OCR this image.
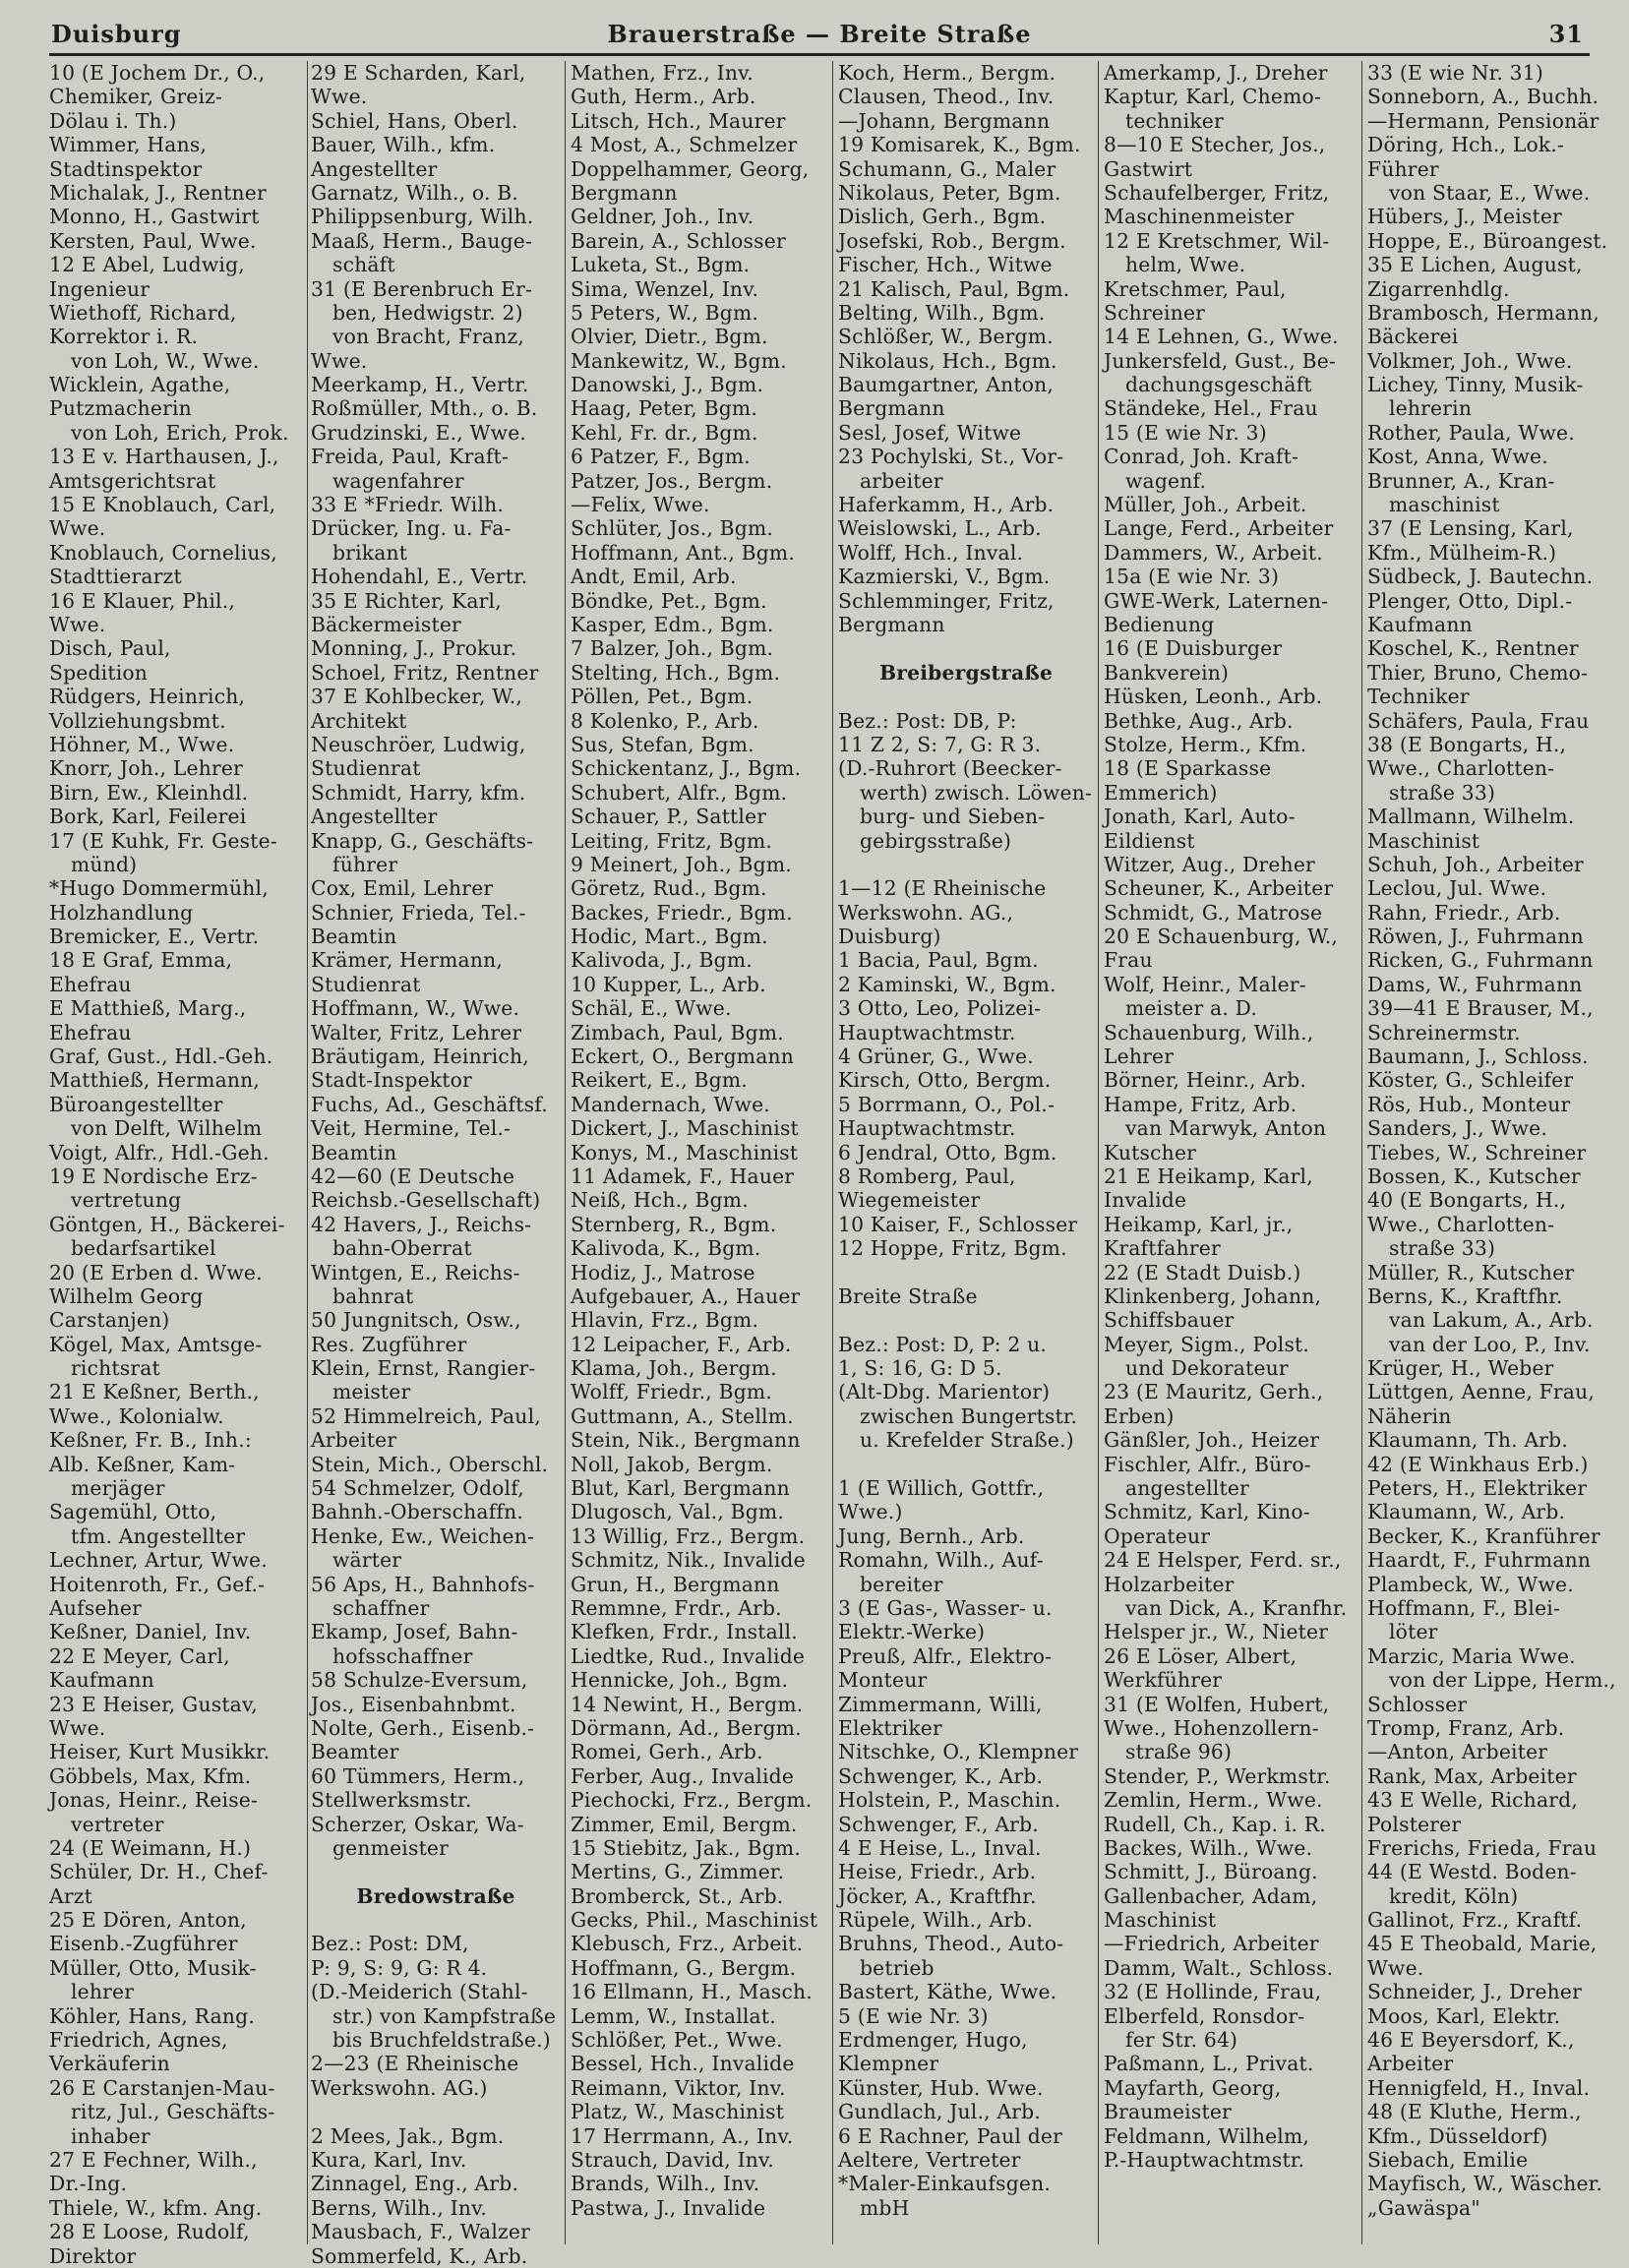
Duisburg	Brauerstraße — Breite Straße	31
10 (E Jochem Dr., O.,
Chemiker, Greiz-
Dölau i. Th.)
Wimmer, Hans,
Stadtinspektor
Michalak, J., Rentner
Monno, H., Gastwirt
Kersten, Paul, Wwe.
12 E Abel, Ludwig,
Ingenieur
Wiethoff, Richard,
Korrektor i. R.
von Loh, W., Wwe.
Wicklein, Agathe,
Putzmacherin
von Loh, Erich, Prok.
13 E v. Harthausen, J.,
Amtsgerichtsrat
15 E Knoblauch, Carl,
Wwe.
Knoblauch, Cornelius,
Stadttierarzt
16 E Klauer, Phil.,
Wwe.
Disch, Paul,
Spedition
Rüdgers, Heinrich,
Vollziehungsbmt.
Höhner, M., Wwe.
Knorr, Joh., Lehrer
Birn, Ew., Kleinhdl.
Bork, Karl, Feilerei
17 (E Kuhk, Fr. Geste-
münd)
*Hugo Dommermühl,
Holzhandlung
Bremicker, E., Vertr.
18 E Graf, Emma,
Ehefrau
E Matthieß, Marg.,
Ehefrau
Graf, Gust., Hdl.-Geh.
Matthieß, Hermann,
Büroangestellter
von Delft, Wilhelm
Voigt, Alfr., Hdl.-Geh.
19 E Nordische Erz-
vertretung
Göntgen, H., Bäckerei-
bedarfsartikel
20 (E Erben d. Wwe.
Wilhelm Georg
Carstanjen)
Kögel, Max, Amtsge-
richtsrat
21 E Keßner, Berth.,
Wwe., Kolonialw.
Keßner, Fr. B., Inh.:
Alb. Keßner, Kam-
merjäger
Sagemühl, Otto,
tfm. Angestellter
Lechner, Artur, Wwe.
Hoitenroth, Fr., Gef.-
Aufseher
Keßner, Daniel, Inv.
22 E Meyer, Carl,
Kaufmann
23 E Heiser, Gustav,
Wwe.
Heiser, Kurt Musikkr.
Göbbels, Max, Kfm.
Jonas, Heinr., Reise-
vertreter
24 (E Weimann, H.)
Schüler, Dr. H., Chef-
Arzt
25 E Dören, Anton,
Eisenb.-Zugführer
Müller, Otto, Musik-
lehrer
Köhler, Hans, Rang.
Friedrich, Agnes,
Verkäuferin
26 E Carstanjen-Mau-
ritz, Jul., Geschäfts-
inhaber
27 E Fechner, Wilh.,
Dr.-Ing.
Thiele, W., kfm. Ang.
28 E Loose, Rudolf,
Direktor
29 E Scharden, Karl,
Wwe.
Schiel, Hans, Oberl.
Bauer, Wilh., kfm.
Angestellter
Garnatz, Wilh., o. B.
Philippsenburg, Wilh.
Maaß, Herm., Bauge-
schäft
31 (E Berenbruch Er-
ben, Hedwigstr. 2)
von Bracht, Franz,
Wwe.
Meerkamp, H., Vertr.
Roßmüller, Mth., o. B.
Grudzinski, E., Wwe.
Freida, Paul, Kraft-
wagenfahrer
33 E *Friedr. Wilh.
Drücker, Ing. u. Fa-
brikant
Hohendahl, E., Vertr.
35 E Richter, Karl,
Bäckermeister
Monning, J., Prokur.
Schoel, Fritz, Rentner
37 E Kohlbecker, W.,
Architekt
Neuschröer, Ludwig,
Studienrat
Schmidt, Harry, kfm.
Angestellter
Knapp, G., Geschäfts-
führer
Cox, Emil, Lehrer
Schnier, Frieda, Tel.-
Beamtin
Krämer, Hermann,
Studienrat
Hoffmann, W., Wwe.
Walter, Fritz, Lehrer
Bräutigam, Heinrich,
Stadt-Inspektor
Fuchs, Ad., Geschäftsf.
Veit, Hermine, Tel.-
Beamtin
42—60 (E Deutsche
Reichsb.-Gesellschaft)
42 Havers, J., Reichs-
bahn-Oberrat
Wintgen, E., Reichs-
bahnrat
50 Jungnitsch, Osw.,
Res. Zugführer
Klein, Ernst, Rangier-
meister
52 Himmelreich, Paul,
Arbeiter
Stein, Mich., Oberschl.
54 Schmelzer, Odolf,
Bahnh.-Oberschaffn.
Henke, Ew., Weichen-
wärter
56 Aps, H., Bahnhofs-
schaffner
Ekamp, Josef, Bahn-
hofsschaffner
58 Schulze-Eversum,
Jos., Eisenbahnbmt.
Nolte, Gerh., Eisenb.-
Beamter
60 Tümmers, Herm.,
Stellwerksmstr.
Scherzer, Oskar, Wa-
genmeister
Bredowstraße
Bez.: Post: DM,
P: 9, S: 9, G: R 4.
(D.-Meiderich (Stahl-
str.) von Kampfstraße
bis Bruchfeldstraße.)
2—23 (E Rheinische
Werkswohn. AG.)
2 Mees, Jak., Bgm.
Kura, Karl, Inv.
Zinnagel, Eng., Arb.
Berns, Wilh., Inv.
Mausbach, F., Walzer
Sommerfeld, K., Arb.
Mathen, Frz., Inv.
Guth, Herm., Arb.
Litsch, Hch., Maurer
4 Most, A., Schmelzer
Doppelhammer, Georg,
Bergmann
Geldner, Joh., Inv.
Barein, A., Schlosser
Luketa, St., Bgm.
Sima, Wenzel, Inv.
5 Peters, W., Bgm.
Olvier, Dietr., Bgm.
Mankewitz, W., Bgm.
Danowski, J., Bgm.
Haag, Peter, Bgm.
Kehl, Fr. dr., Bgm.
6 Patzer, F., Bgm.
Patzer, Jos., Bergm.
—Felix, Wwe.
Schlüter, Jos., Bgm.
Hoffmann, Ant., Bgm.
Andt, Emil, Arb.
Böndke, Pet., Bgm.
Kasper, Edm., Bgm.
7 Balzer, Joh., Bgm.
Stelting, Hch., Bgm.
Pöllen, Pet., Bgm.
8 Kolenko, P., Arb.
Sus, Stefan, Bgm.
Schickentanz, J., Bgm.
Schubert, Alfr., Bgm.
Schauer, P., Sattler
Leiting, Fritz, Bgm.
9 Meinert, Joh., Bgm.
Göretz, Rud., Bgm.
Backes, Friedr., Bgm.
Hodic, Mart., Bgm.
Kalivoda, J., Bgm.
10 Kupper, L., Arb.
Schäl, E., Wwe.
Zimbach, Paul, Bgm.
Eckert, O., Bergmann
Reikert, E., Bgm.
Mandernach, Wwe.
Dickert, J., Maschinist
Konys, M., Maschinist
11 Adamek, F., Hauer
Neiß, Hch., Bgm.
Sternberg, R., Bgm.
Kalivoda, K., Bgm.
Hodiz, J., Matrose
Aufgebauer, A., Hauer
Hlavin, Frz., Bgm.
12 Leipacher, F., Arb.
Klama, Joh., Bergm.
Wolff, Friedr., Bgm.
Guttmann, A., Stellm.
Stein, Nik., Bergmann
Noll, Jakob, Bergm.
Blut, Karl, Bergmann
Dlugosch, Val., Bgm.
13 Willig, Frz., Bergm.
Schmitz, Nik., Invalide
Grun, H., Bergmann
Remmne, Frdr., Arb.
Klefken, Frdr., Install.
Liedtke, Rud., Invalide
Hennicke, Joh., Bgm.
14 Newint, H., Bergm.
Dörmann, Ad., Bergm.
Romei, Gerh., Arb.
Ferber, Aug., Invalide
Piechocki, Frz., Bergm.
Zimmer, Emil, Bergm.
15 Stiebitz, Jak., Bgm.
Mertins, G., Zimmer.
Bromberck, St., Arb.
Gecks, Phil., Maschinist
Klebusch, Frz., Arbeit.
Hoffmann, G., Bergm.
16 Ellmann, H., Masch.
Lemm, W., Installat.
Schlößer, Pet., Wwe.
Bessel, Hch., Invalide
Reimann, Viktor, Inv.
Platz, W., Maschinist
17 Herrmann, A., Inv.
Strauch, David, Inv.
Brands, Wilh., Inv.
Pastwa, J., Invalide
Koch, Herm., Bergm.
Clausen, Theod., Inv.
—Johann, Bergmann
19 Komisarek, K., Bgm.
Schumann, G., Maler
Nikolaus, Peter, Bgm.
Dislich, Gerh., Bgm.
Josefski, Rob., Bergm.
Fischer, Hch., Witwe
21 Kalisch, Paul, Bgm.
Belting, Wilh., Bgm.
Schlößer, W., Bergm.
Nikolaus, Hch., Bgm.
Baumgartner, Anton,
Bergmann
Sesl, Josef, Witwe
23 Pochylski, St., Vor-
arbeiter
Haferkamm, H., Arb.
Weislowski, L., Arb.
Wolff, Hch., Inval.
Kazmierski, V., Bgm.
Schlemminger, Fritz,
Bergmann
Breibergstraße
Bez.: Post: DB, P:
11 Z 2, S: 7, G: R 3.
(D.-Ruhrort (Beecker-
werth) zwisch. Löwen-
burg- und Sieben-
gebirgsstraße)
1—12 (E Rheinische
Werkswohn. AG.,
Duisburg)
1 Bacia, Paul, Bgm.
2 Kaminski, W., Bgm.
3 Otto, Leo, Polizei-
Hauptwachtmstr.
4 Grüner, G., Wwe.
Kirsch, Otto, Bergm.
5 Borrmann, O., Pol.-
Hauptwachtmstr.
6 Jendral, Otto, Bgm.
8 Romberg, Paul,
Wiegemeister
10 Kaiser, F., Schlosser
12 Hoppe, Fritz, Bgm.
Breite Straße
Bez.: Post: D, P: 2 u.
1, S: 16, G: D 5.
(Alt-Dbg. Marientor)
zwischen Bungertstr.
u. Krefelder Straße.)
1 (E Willich, Gottfr.,
Wwe.)
Jung, Bernh., Arb.
Romahn, Wilh., Auf-
bereiter
3 (E Gas-, Wasser- u.
Elektr.-Werke)
Preuß, Alfr., Elektro-
Monteur
Zimmermann, Willi,
Elektriker
Nitschke, O., Klempner
Schwenger, K., Arb.
Holstein, P., Maschin.
Schwenger, F., Arb.
4 E Heise, L., Inval.
Heise, Friedr., Arb.
Jöcker, A., Kraftfhr.
Rüpele, Wilh., Arb.
Bruhns, Theod., Auto-
betrieb
Bastert, Käthe, Wwe.
5 (E wie Nr. 3)
Erdmenger, Hugo,
Klempner
Künster, Hub. Wwe.
Gundlach, Jul., Arb.
6 E Rachner, Paul der
Aeltere, Vertreter
*Maler-Einkaufsgen.
mbH
Amerkamp, J., Dreher
Kaptur, Karl, Chemo-
techniker
8—10 E Stecher, Jos.,
Gastwirt
Schaufelberger, Fritz,
Maschinenmeister
12 E Kretschmer, Wil-
helm, Wwe.
Kretschmer, Paul,
Schreiner
14 E Lehnen, G., Wwe.
Junkersfeld, Gust., Be-
dachungsgeschäft
Ständeke, Hel., Frau
15 (E wie Nr. 3)
Conrad, Joh. Kraft-
wagenf.
Müller, Joh., Arbeit.
Lange, Ferd., Arbeiter
Dammers, W., Arbeit.
15a (E wie Nr. 3)
GWE-Werk, Laternen-
Bedienung
16 (E Duisburger
Bankverein)
Hüsken, Leonh., Arb.
Bethke, Aug., Arb.
Stolze, Herm., Kfm.
18 (E Sparkasse
Emmerich)
Jonath, Karl, Auto-
Eildienst
Witzer, Aug., Dreher
Scheuner, K., Arbeiter
Schmidt, G., Matrose
20 E Schauenburg, W.,
Frau
Wolf, Heinr., Maler-
meister a. D.
Schauenburg, Wilh.,
Lehrer
Börner, Heinr., Arb.
Hampe, Fritz, Arb.
van Marwyk, Anton
Kutscher
21 E Heikamp, Karl,
Invalide
Heikamp, Karl, jr.,
Kraftfahrer
22 (E Stadt Duisb.)
Klinkenberg, Johann,
Schiffsbauer
Meyer, Sigm., Polst.
und Dekorateur
23 (E Mauritz, Gerh.,
Erben)
Gänßler, Joh., Heizer
Fischler, Alfr., Büro-
angestellter
Schmitz, Karl, Kino-
Operateur
24 E Helsper, Ferd. sr.,
Holzarbeiter
van Dick, A., Kranfhr.
Helsper jr., W., Nieter
26 E Löser, Albert,
Werkführer
31 (E Wolfen, Hubert,
Wwe., Hohenzollern-
straße 96)
Stender, P., Werkmstr.
Zemlin, Herm., Wwe.
Rudell, Ch., Kap. i. R.
Backes, Wilh., Wwe.
Schmitt, J., Büroang.
Gallenbacher, Adam,
Maschinist
—Friedrich, Arbeiter
Damm, Walt., Schloss.
32 (E Hollinde, Frau,
Elberfeld, Ronsdor-
fer Str. 64)
Paßmann, L., Privat.
Mayfarth, Georg,
Braumeister
Feldmann, Wilhelm,
P.-Hauptwachtmstr.
33 (E wie Nr. 31)
Sonneborn, A., Buchh.
—Hermann, Pensionär
Döring, Hch., Lok.-
Führer
von Staar, E., Wwe.
Hübers, J., Meister
Hoppe, E., Büroangest.
35 E Lichen, August,
Zigarrenhdlg.
Brambosch, Hermann,
Bäckerei
Volkmer, Joh., Wwe.
Lichey, Tinny, Musik-
lehrerin
Rother, Paula, Wwe.
Kost, Anna, Wwe.
Brunner, A., Kran-
maschinist
37 (E Lensing, Karl,
Kfm., Mülheim-R.)
Südbeck, J. Bautechn.
Plenger, Otto, Dipl.-
Kaufmann
Koschel, K., Rentner
Thier, Bruno, Chemo-
Techniker
Schäfers, Paula, Frau
38 (E Bongarts, H.,
Wwe., Charlotten-
straße 33)
Mallmann, Wilhelm.
Maschinist
Schuh, Joh., Arbeiter
Leclou, Jul. Wwe.
Rahn, Friedr., Arb.
Röwen, J., Fuhrmann
Ricken, G., Fuhrmann
Dams, W., Fuhrmann
39—41 E Brauser, M.,
Schreinermstr.
Baumann, J., Schloss.
Köster, G., Schleifer
Rös, Hub., Monteur
Sanders, J., Wwe.
Tiebes, W., Schreiner
Bossen, K., Kutscher
40 (E Bongarts, H.,
Wwe., Charlotten-
straße 33)
Müller, R., Kutscher
Berns, K., Kraftfhr.
van Lakum, A., Arb.
van der Loo, P., Inv.
Krüger, H., Weber
Lüttgen, Aenne, Frau,
Näherin
Klaumann, Th. Arb.
42 (E Winkhaus Erb.)
Peters, H., Elektriker
Klaumann, W., Arb.
Becker, K., Kranführer
Haardt, F., Fuhrmann
Plambeck, W., Wwe.
Hoffmann, F., Blei-
löter
Marzic, Maria Wwe.
von der Lippe, Herm.,
Schlosser
Tromp, Franz, Arb.
—Anton, Arbeiter
Rank, Max, Arbeiter
43 E Welle, Richard,
Polsterer
Frerichs, Frieda, Frau
44 (E Westd. Boden-
kredit, Köln)
Gallinot, Frz., Kraftf.
45 E Theobald, Marie,
Wwe.
Schneider, J., Dreher
Moos, Karl, Elektr.
46 E Beyersdorf, K.,
Arbeiter
Hennigfeld, H., Inval.
48 (E Kluthe, Herm.,
Kfm., Düsseldorf)
Siebach, Emilie
Mayfisch, W., Wäscher.
„Gawäspa"
